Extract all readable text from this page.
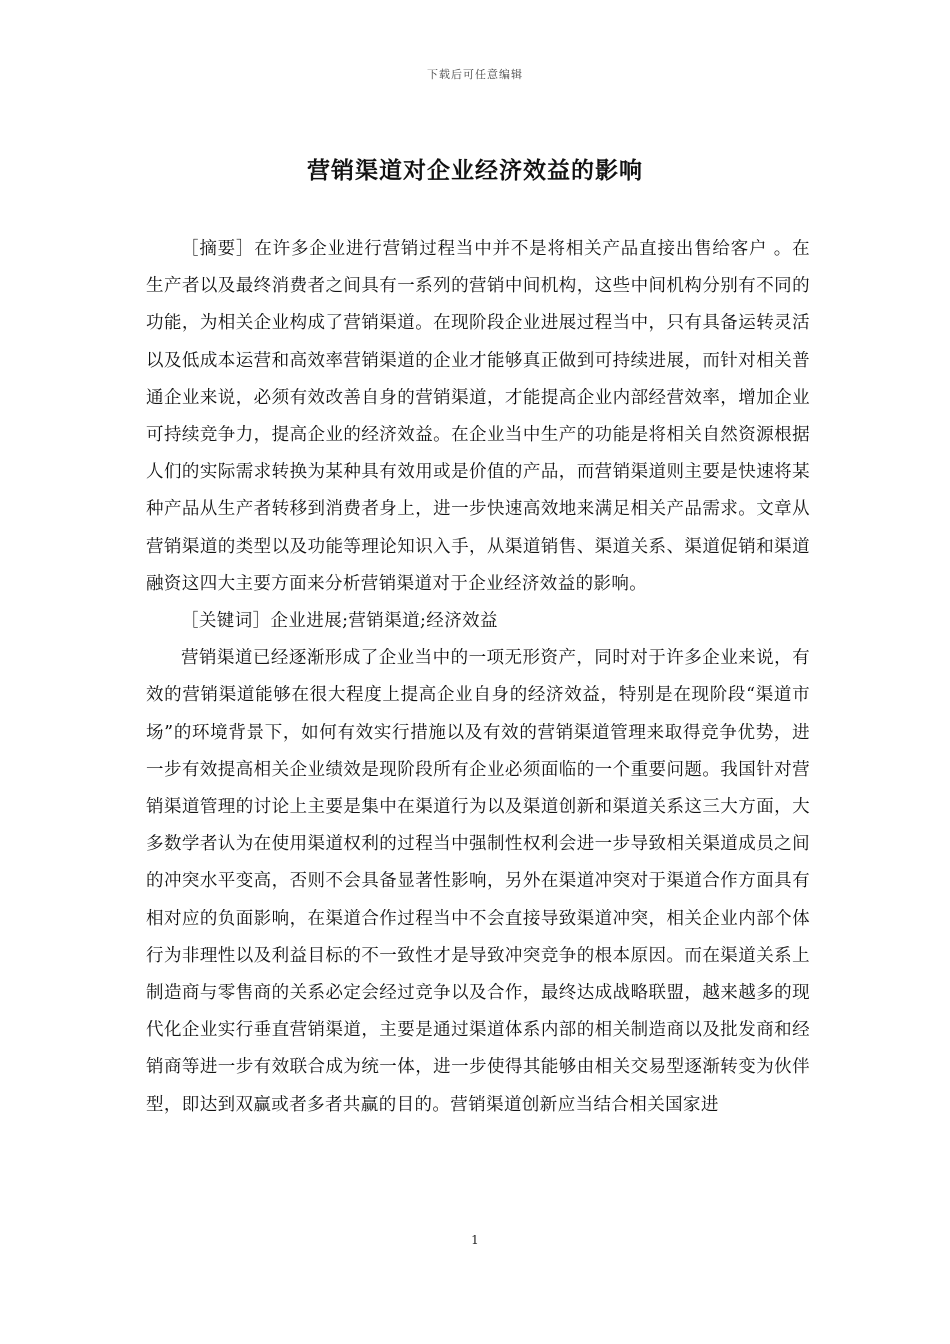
下载后可任意编辑
营销渠道对企业经济效益的影响

［摘要］在许多企业进行营销过程当中并不是将相关产品直接出售给客户 。在生产者以及最终消费者之间具有一系列的营销中间机构，这些中间机构分别有不同的功能，为相关企业构成了营销渠道。在现阶段企业进展过程当中，只有具备运转灵活以及低成本运营和高效率营销渠道的企业才能够真正做到可持续进展，而针对相关普通企业来说，必须有效改善自身的营销渠道，才能提高企业内部经营效率，增加企业可持续竞争力，提高企业的经济效益。在企业当中生产的功能是将相关自然资源根据人们的实际需求转换为某种具有效用或是价值的产品，而营销渠道则主要是快速将某种产品从生产者转移到消费者身上，进一步快速高效地来满足相关产品需求。文章从营销渠道的类型以及功能等理论知识入手，从渠道销售、渠道关系、渠道促销和渠道融资这四大主要方面来分析营销渠道对于企业经济效益的影响。

［关键词］企业进展;营销渠道;经济效益

营销渠道已经逐渐形成了企业当中的一项无形资产，同时对于许多企业来说，有效的营销渠道能够在很大程度上提高企业自身的经济效益，特别是在现阶段“渠道市场”的环境背景下，如何有效实行措施以及有效的营销渠道管理来取得竞争优势，进一步有效提高相关企业绩效是现阶段所有企业必须面临的一个重要问题。我国针对营销渠道管理的讨论上主要是集中在渠道行为以及渠道创新和渠道关系这三大方面，大多数学者认为在使用渠道权利的过程当中强制性权利会进一步导致相关渠道成员之间的冲突水平变高，否则不会具备显著性影响，另外在渠道冲突对于渠道合作方面具有相对应的负面影响，在渠道合作过程当中不会直接导致渠道冲突，相关企业内部个体行为非理性以及利益目标的不一致性才是导致冲突竞争的根本原因。而在渠道关系上制造商与零售商的关系必定会经过竞争以及合作，最终达成战略联盟，越来越多的现代化企业实行垂直营销渠道，主要是通过渠道体系内部的相关制造商以及批发商和经销商等进一步有效联合成为统一体，进一步使得其能够由相关交易型逐渐转变为伙伴型，即达到双赢或者多者共赢的目的。营销渠道创新应当结合相关国家进

1
